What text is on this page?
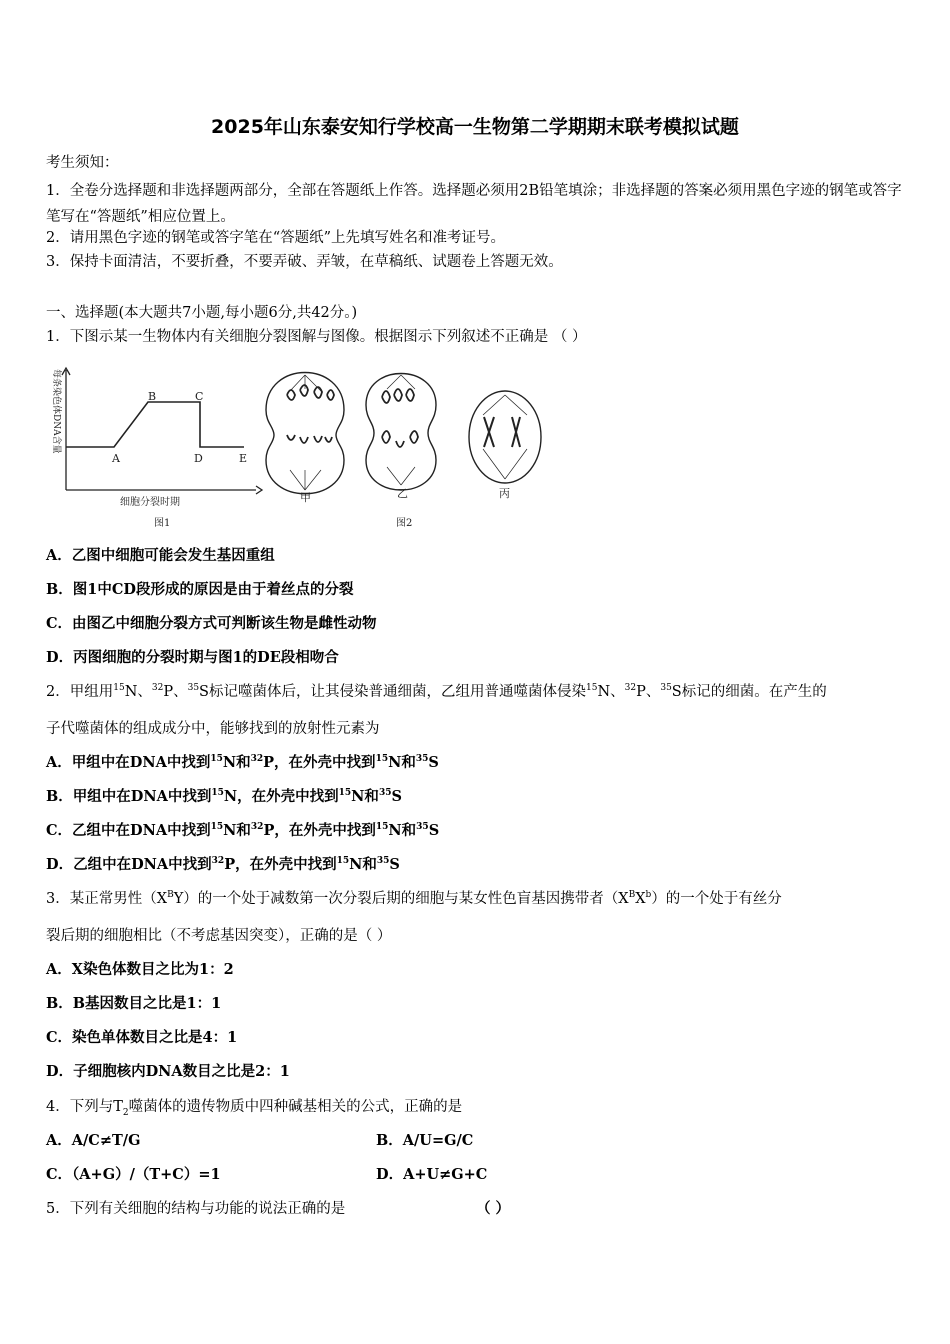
2025年山东泰安知行学校高一生物第二学期期末联考模拟试题
考生须知：
1．全卷分选择题和非选择题两部分，全部在答题纸上作答。选择题必须用2B铅笔填涂；非选择题的答案必须用黑色字迹的钢笔或答字笔写在“答题纸”相应位置上。
2．请用黑色字迹的钢笔或答字笔在“答题纸”上先填写姓名和准考证号。
3．保持卡面清洁，不要折叠，不要弄破、弄皱，在草稿纸、试题卷上答题无效。
一、选择题(本大题共7小题,每小题6分,共42分。)
1．下图示某一生物体内有关细胞分裂图解与图像。根据图示下列叙述不正确是 （ ）
每条染色体DNA含量
A
B	C
D	E
细胞分裂时期
图1
甲	乙	丙
图2
A．乙图中细胞可能会发生基因重组
B．图1中CD段形成的原因是由于着丝点的分裂
C．由图乙中细胞分裂方式可判断该生物是雌性动物
D．丙图细胞的分裂时期与图1的DE段相吻合
2．甲组用$^{15}$N、$^{32}$P、$^{35}$S标记噬菌体后，让其侵染普通细菌，乙组用普通噬菌体侵染$^{15}$N、$^{32}$P、$^{35}$S标记的细菌。在产生的
子代噬菌体的组成成分中，能够找到的放射性元素为
A．甲组中在DNA中找到$^{15}$N和$^{32}$P，在外壳中找到$^{15}$N和$^{35}$S
B．甲组中在DNA中找到$^{15}$N，在外壳中找到$^{15}$N和$^{35}$S
C．乙组中在DNA中找到$^{15}$N和$^{32}$P，在外壳中找到$^{15}$N和$^{35}$S
D．乙组中在DNA中找到$^{32}$P，在外壳中找到$^{15}$N和$^{35}$S
3．某正常男性$(X^BY)$的一个处于减数第一次分裂后期的细胞与某女性色盲基因携带者$(X^BX^b)$的一个处于有丝分
裂后期的细胞相比（不考虑基因突变），正确的是（ ）
A．X染色体数目之比为1：2
B．B基因数目之比是1：1
C．染色单体数目之比是4：1
D．子细胞核内DNA数目之比是2：1
4．下列与$T_2$噬菌体的遗传物质中四种碱基相关的公式，正确的是
A．A/C≠T/G	B．A/U=G/C
C．（A+G）/（T+C）=1	D．A+U≠G+C
5．下列有关细胞的结构与功能的说法正确的是	（ ）
